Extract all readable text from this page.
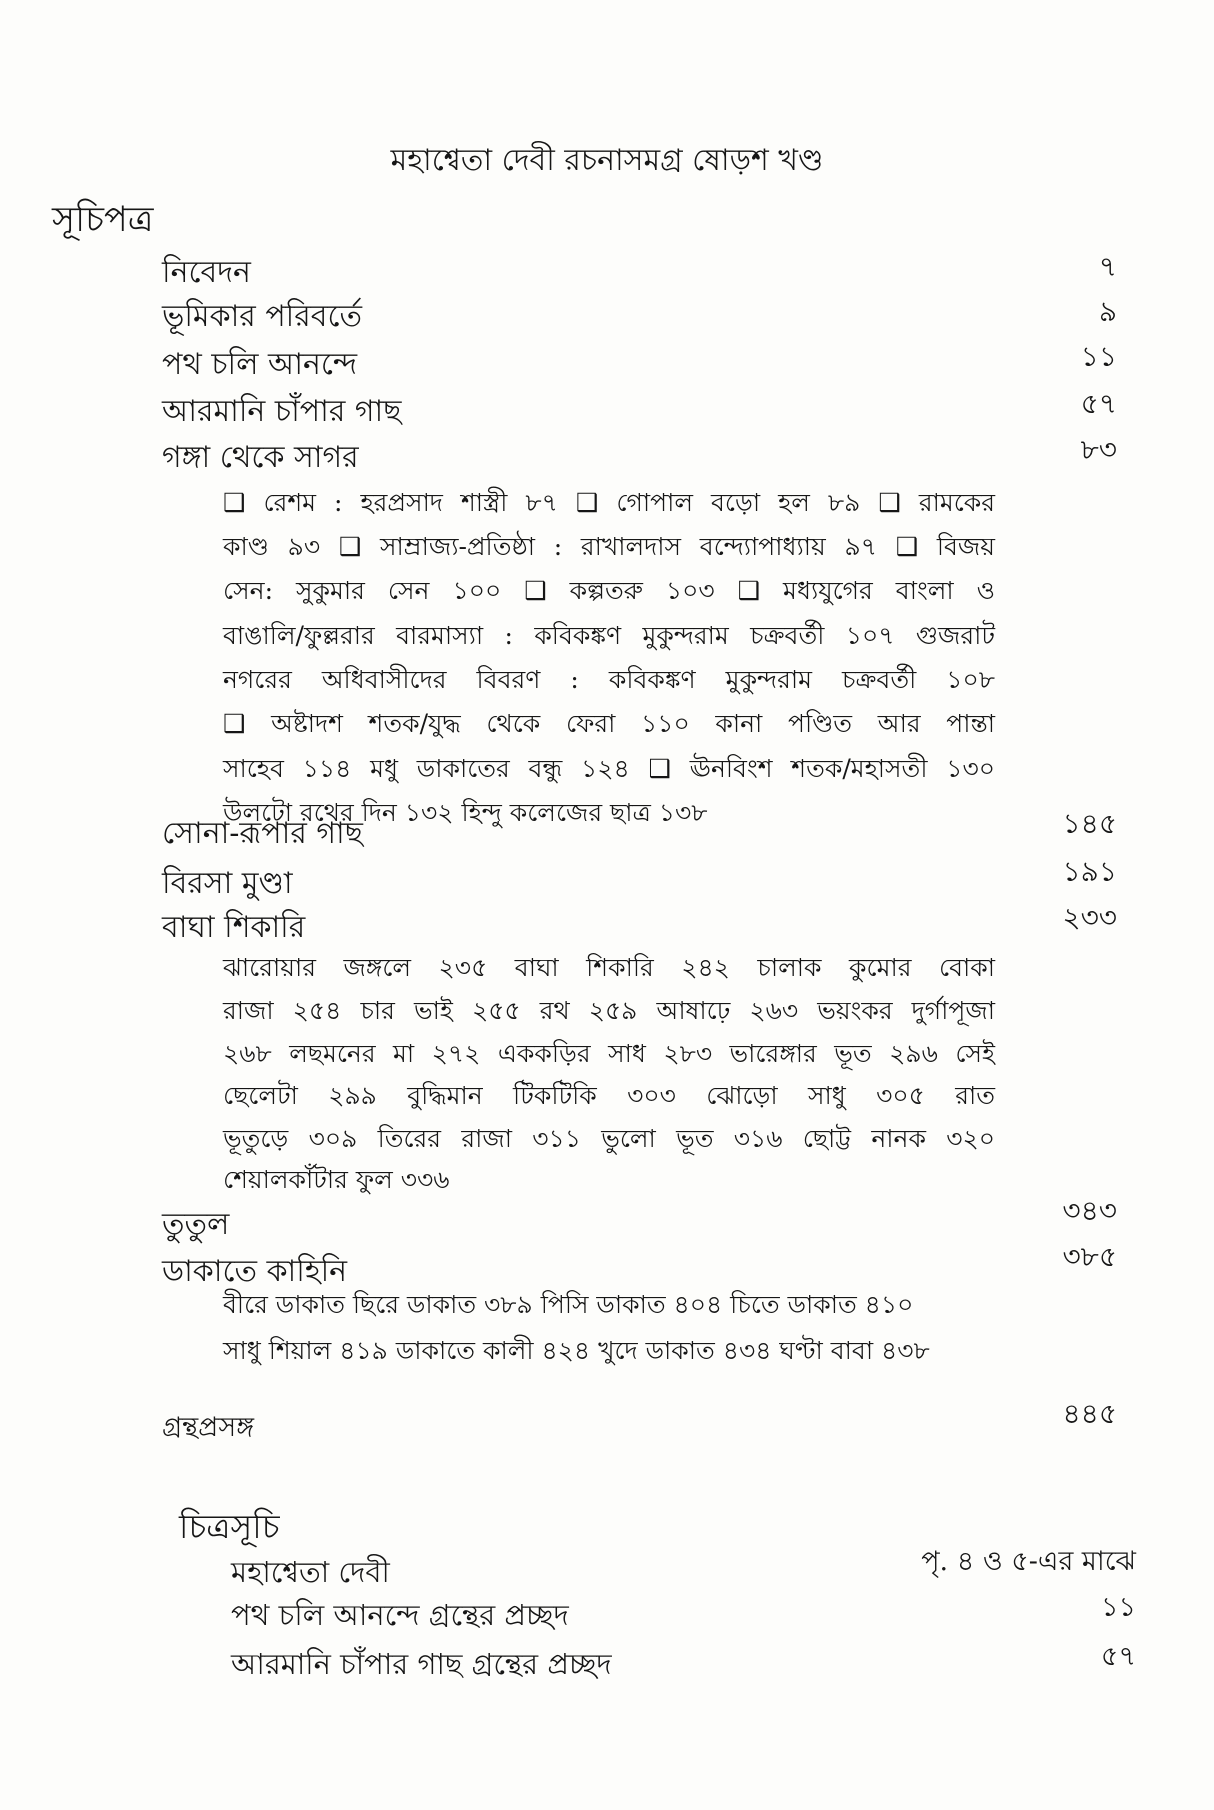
মহাশ্বেতা দেবী রচনাসমগ্র ষোড়শ খণ্ড
সূচিপত্র
নিবেদন	৭
ভূমিকার পরিবর্তে	৯
পথ চলি আনন্দে	১১
আরমানি চাঁপার গাছ	৫৭
গঙ্গা থেকে সাগর	৮৩
❑ রেশম : হরপ্রসাদ শাস্ত্রী ৮৭ ❑ গোপাল বড়ো হল ৮৯ ❑ রামকের
কাণ্ড ৯৩ ❑ সাম্রাজ্য-প্রতিষ্ঠা : রাখালদাস বন্দ্যোপাধ্যায় ৯৭ ❑ বিজয়
সেন: সুকুমার সেন ১০০ ❑ কল্পতরু ১০৩ ❑ মধ্যযুগের বাংলা ও
বাঙালি/ফুল্লরার বারমাস্যা : কবিকঙ্কণ মুকুন্দরাম চক্রবর্তী ১০৭ গুজরাট
নগরের অধিবাসীদের বিবরণ : কবিকঙ্কণ মুকুন্দরাম চক্রবর্তী ১০৮
❑ অষ্টাদশ শতক/যুদ্ধ থেকে ফেরা ১১০ কানা পণ্ডিত আর পান্তা
সাহেব ১১৪ মধু ডাকাতের বন্ধু ১২৪ ❑ ঊনবিংশ শতক/মহাসতী ১৩০
উলটো রথের দিন ১৩২ হিন্দু কলেজের ছাত্র ১৩৮
সোনা-রূপার গাছ	১৪৫
বিরসা মুণ্ডা	১৯১
বাঘা শিকারি	২৩৩
ঝারোয়ার জঙ্গলে ২৩৫ বাঘা শিকারি ২৪২ চালাক কুমোর বোকা
রাজা ২৫৪ চার ভাই ২৫৫ রথ ২৫৯ আষাঢ়ে ২৬৩ ভয়ংকর দুর্গাপূজা
২৬৮ লছমনের মা ২৭২ এককড়ির সাধ ২৮৩ ভারেঙ্গার ভূত ২৯৬ সেই
ছেলেটা ২৯৯ বুদ্ধিমান টিকটিকি ৩০৩ ঝোড়ো সাধু ৩০৫ রাত
ভূতুড়ে ৩০৯ তিরের রাজা ৩১১ ভুলো ভূত ৩১৬ ছোট্ট নানক ৩২০
শেয়ালকাঁটার ফুল ৩৩৬
তুতুল	৩৪৩
ডাকাতে কাহিনি	৩৮৫
বীরে ডাকাত ছিরে ডাকাত ৩৮৯ পিসি ডাকাত ৪০৪ চিতে ডাকাত ৪১০
সাধু শিয়াল ৪১৯ ডাকাতে কালী ৪২৪ খুদে ডাকাত ৪৩৪ ঘণ্টা বাবা ৪৩৮
গ্রন্থপ্রসঙ্গ	৪৪৫
চিত্রসূচি
মহাশ্বেতা দেবী	পৃ. ৪ ও ৫-এর মাঝে
পথ চলি আনন্দে গ্রন্থের প্রচ্ছদ	১১
আরমানি চাঁপার গাছ গ্রন্থের প্রচ্ছদ	৫৭
